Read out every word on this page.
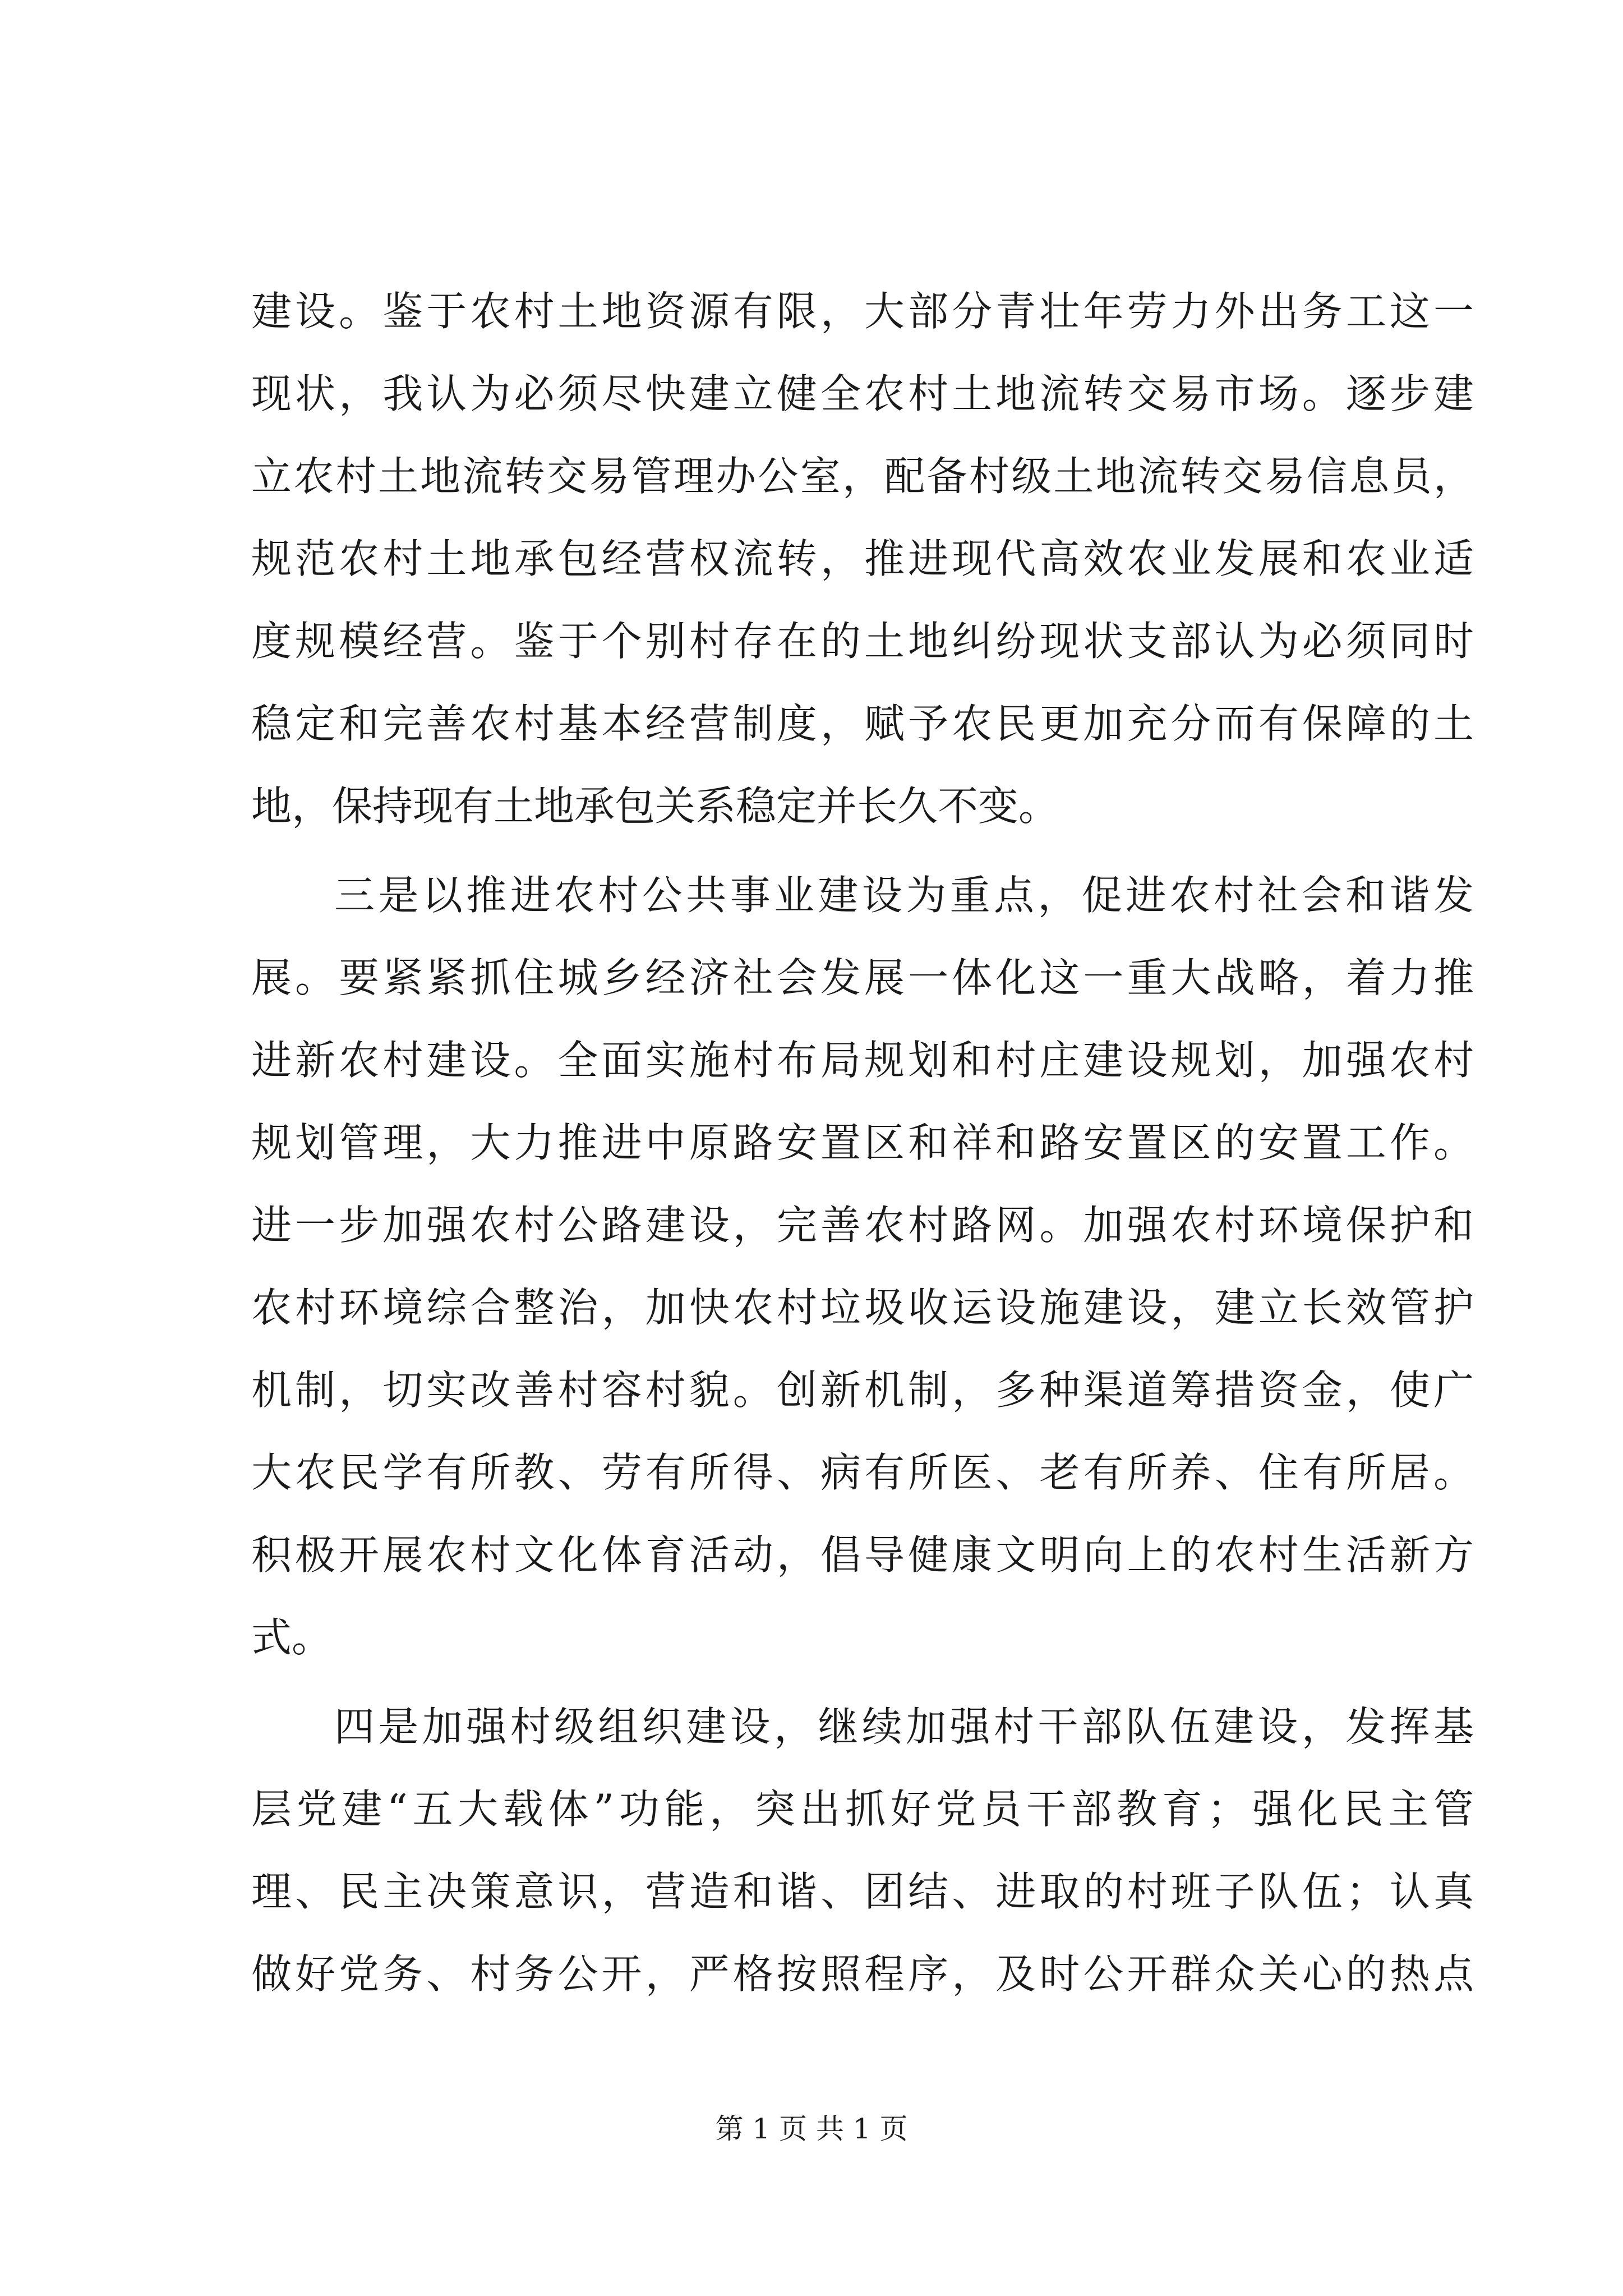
建设。鉴于农村土地资源有限，大部分青壮年劳力外出务工这一
现状，我认为必须尽快建立健全农村土地流转交易市场。逐步建
立农村土地流转交易管理办公室，配备村级土地流转交易信息员，
规范农村土地承包经营权流转，推进现代高效农业发展和农业适
度规模经营。鉴于个别村存在的土地纠纷现状支部认为必须同时
稳定和完善农村基本经营制度，赋予农民更加充分而有保障的土
地，保持现有土地承包关系稳定并长久不变。
三是以推进农村公共事业建设为重点，促进农村社会和谐发
展。要紧紧抓住城乡经济社会发展一体化这一重大战略，着力推
进新农村建设。全面实施村布局规划和村庄建设规划，加强农村
规划管理，大力推进中原路安置区和祥和路安置区的安置工作。
进一步加强农村公路建设，完善农村路网。加强农村环境保护和
农村环境综合整治，加快农村垃圾收运设施建设，建立长效管护
机制，切实改善村容村貌。创新机制，多种渠道筹措资金，使广
大农民学有所教、劳有所得、病有所医、老有所养、住有所居。
积极开展农村文化体育活动，倡导健康文明向上的农村生活新方
式。
四是加强村级组织建设，继续加强村干部队伍建设，发挥基
层党建“五大载体”功能，突出抓好党员干部教育；强化民主管
理、民主决策意识，营造和谐、团结、进取的村班子队伍；认真
做好党务、村务公开，严格按照程序，及时公开群众关心的热点
第 1 页 共 1 页
